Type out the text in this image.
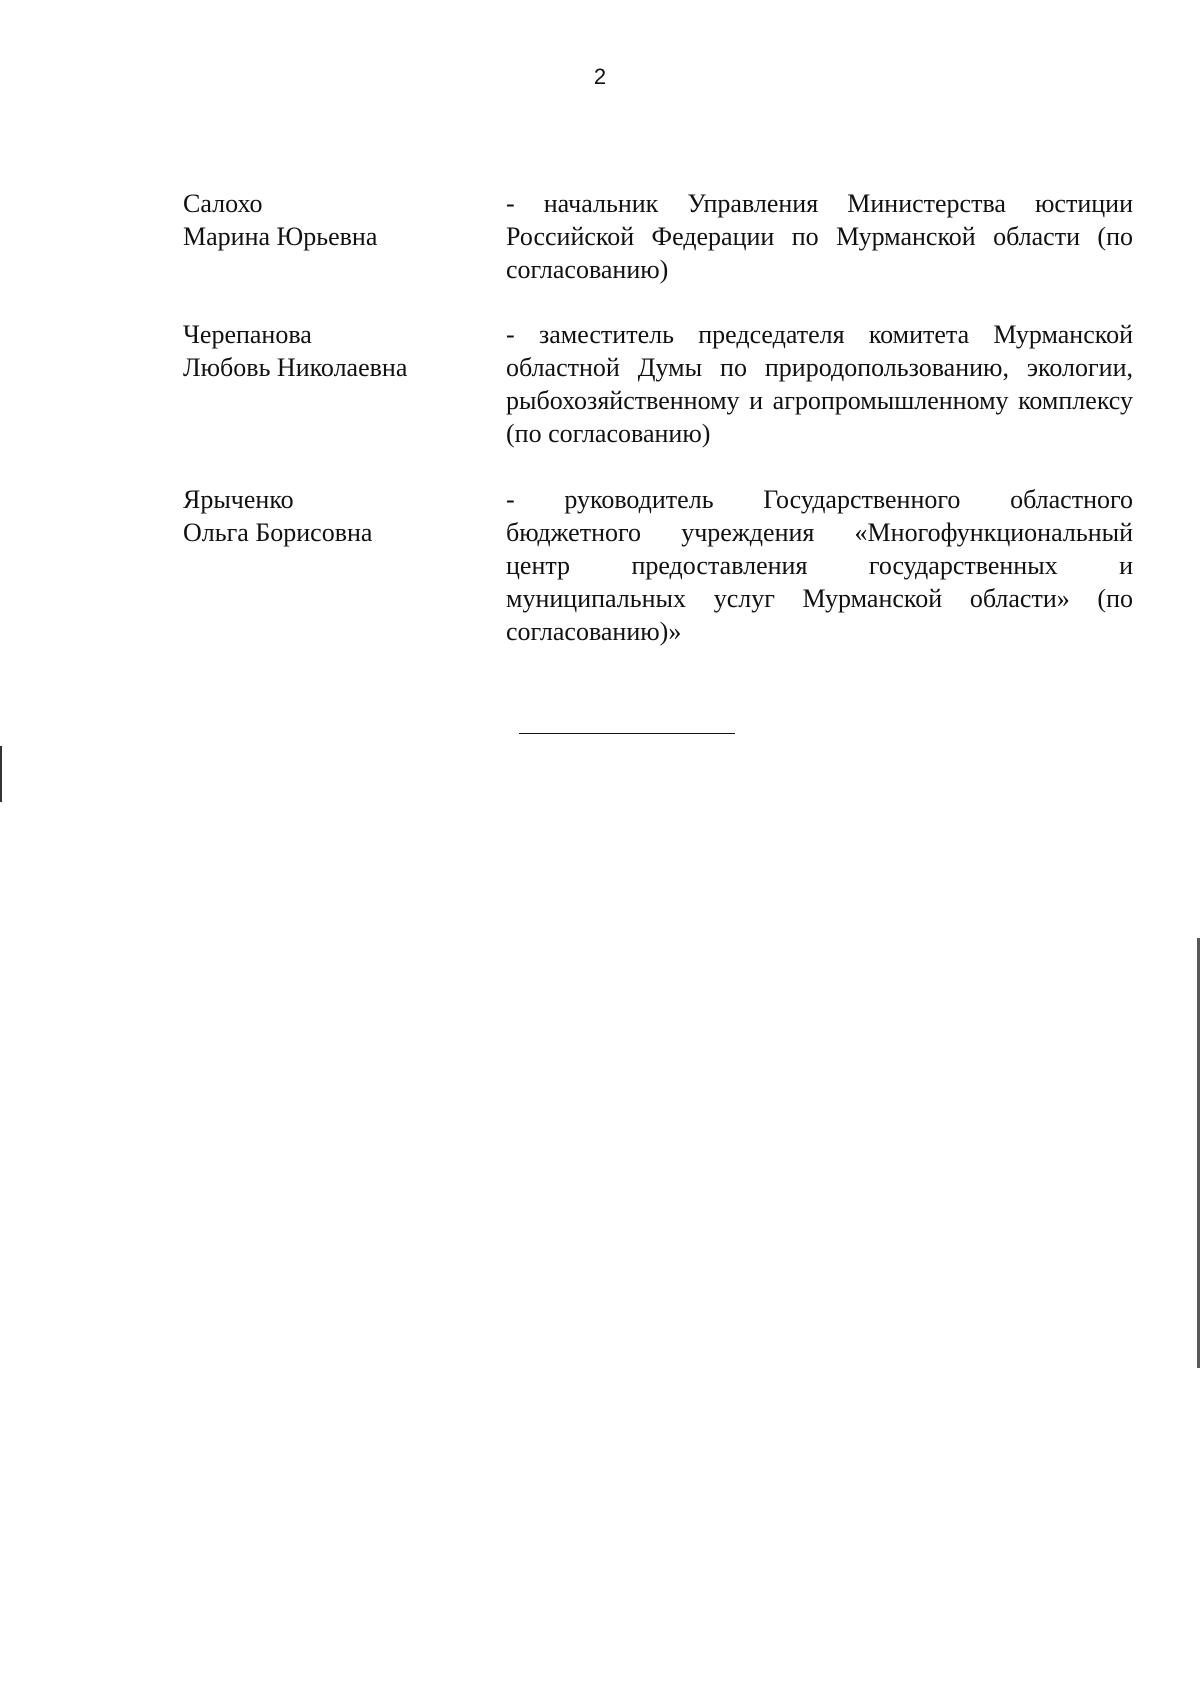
2
Салохо
Марина Юрьевна
- начальник Управления Министерства юстиции Российской Федерации по Мурманской области (по согласованию)
Черепанова
Любовь Николаевна
- заместитель председателя комитета Мурманской областной Думы по природопользованию, экологии, рыбохозяйственному и агропромышленному комплексу (по согласованию)
Ярыченко
Ольга Борисовна
- руководитель Государственного областного бюджетного учреждения «Многофункциональный центр предоставления государственных и муниципальных услуг Мурманской области» (по согласованию)»
